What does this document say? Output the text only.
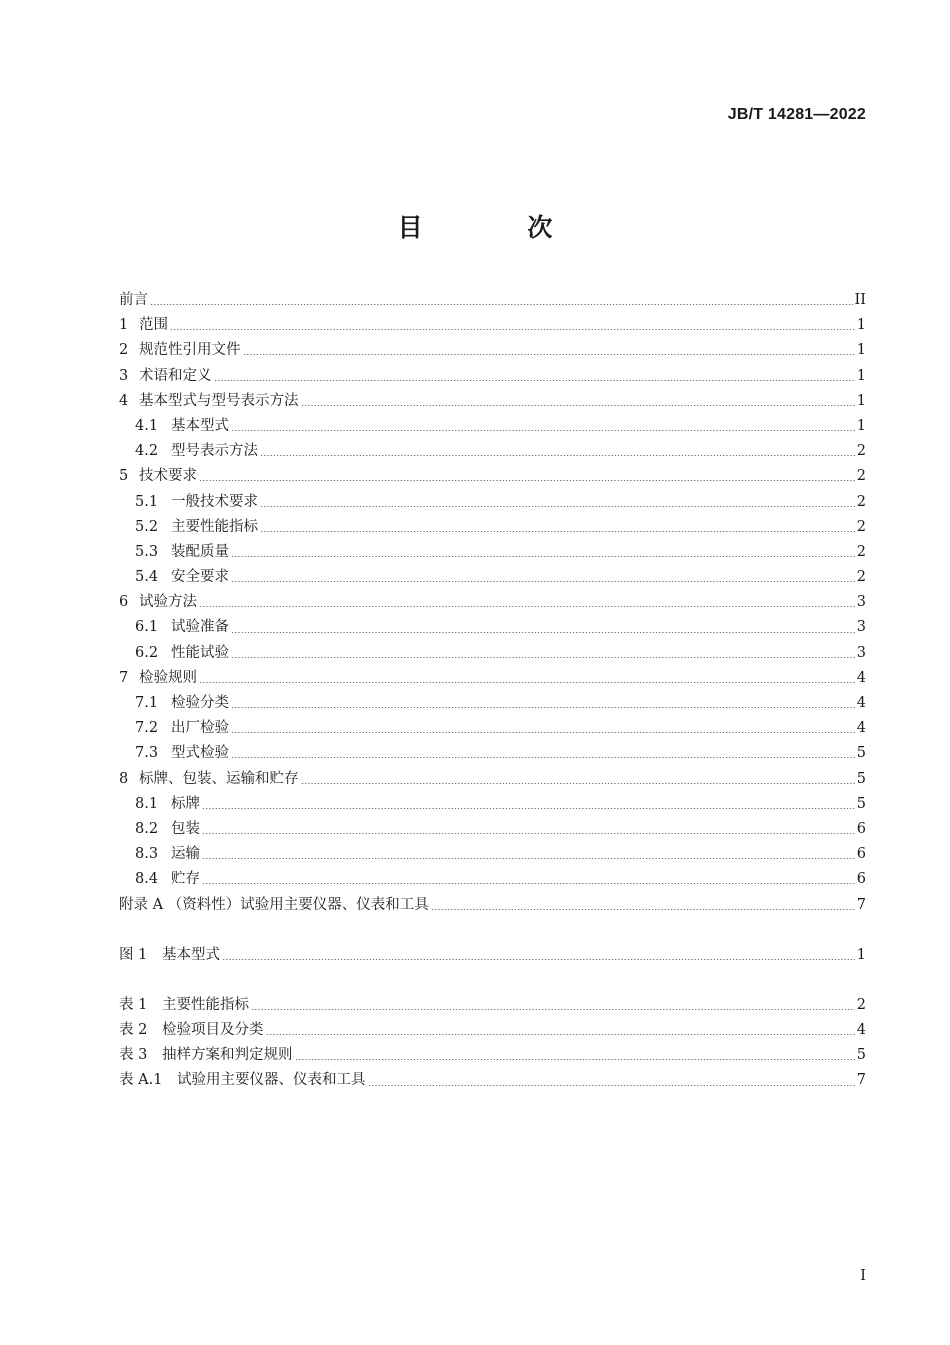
JB/T 14281—2022
目 次
前言	II
1 范围	1
2 规范性引用文件	1
3 术语和定义	1
4 基本型式与型号表示方法	1
4.1 基本型式	1
4.2 型号表示方法	2
5 技术要求	2
5.1 一般技术要求	2
5.2 主要性能指标	2
5.3 装配质量	2
5.4 安全要求	2
6 试验方法	3
6.1 试验准备	3
6.2 性能试验	3
7 检验规则	4
7.1 检验分类	4
7.2 出厂检验	4
7.3 型式检验	5
8 标牌、包装、运输和贮存	5
8.1 标牌	5
8.2 包装	6
8.3 运输	6
8.4 贮存	6
附录 A （资料性）试验用主要仪器、仪表和工具	7
图 1	基本型式	1
表 1	主要性能指标	2
表 2	检验项目及分类	4
表 3	抽样方案和判定规则	5
表 A.1	试验用主要仪器、仪表和工具	7
I
